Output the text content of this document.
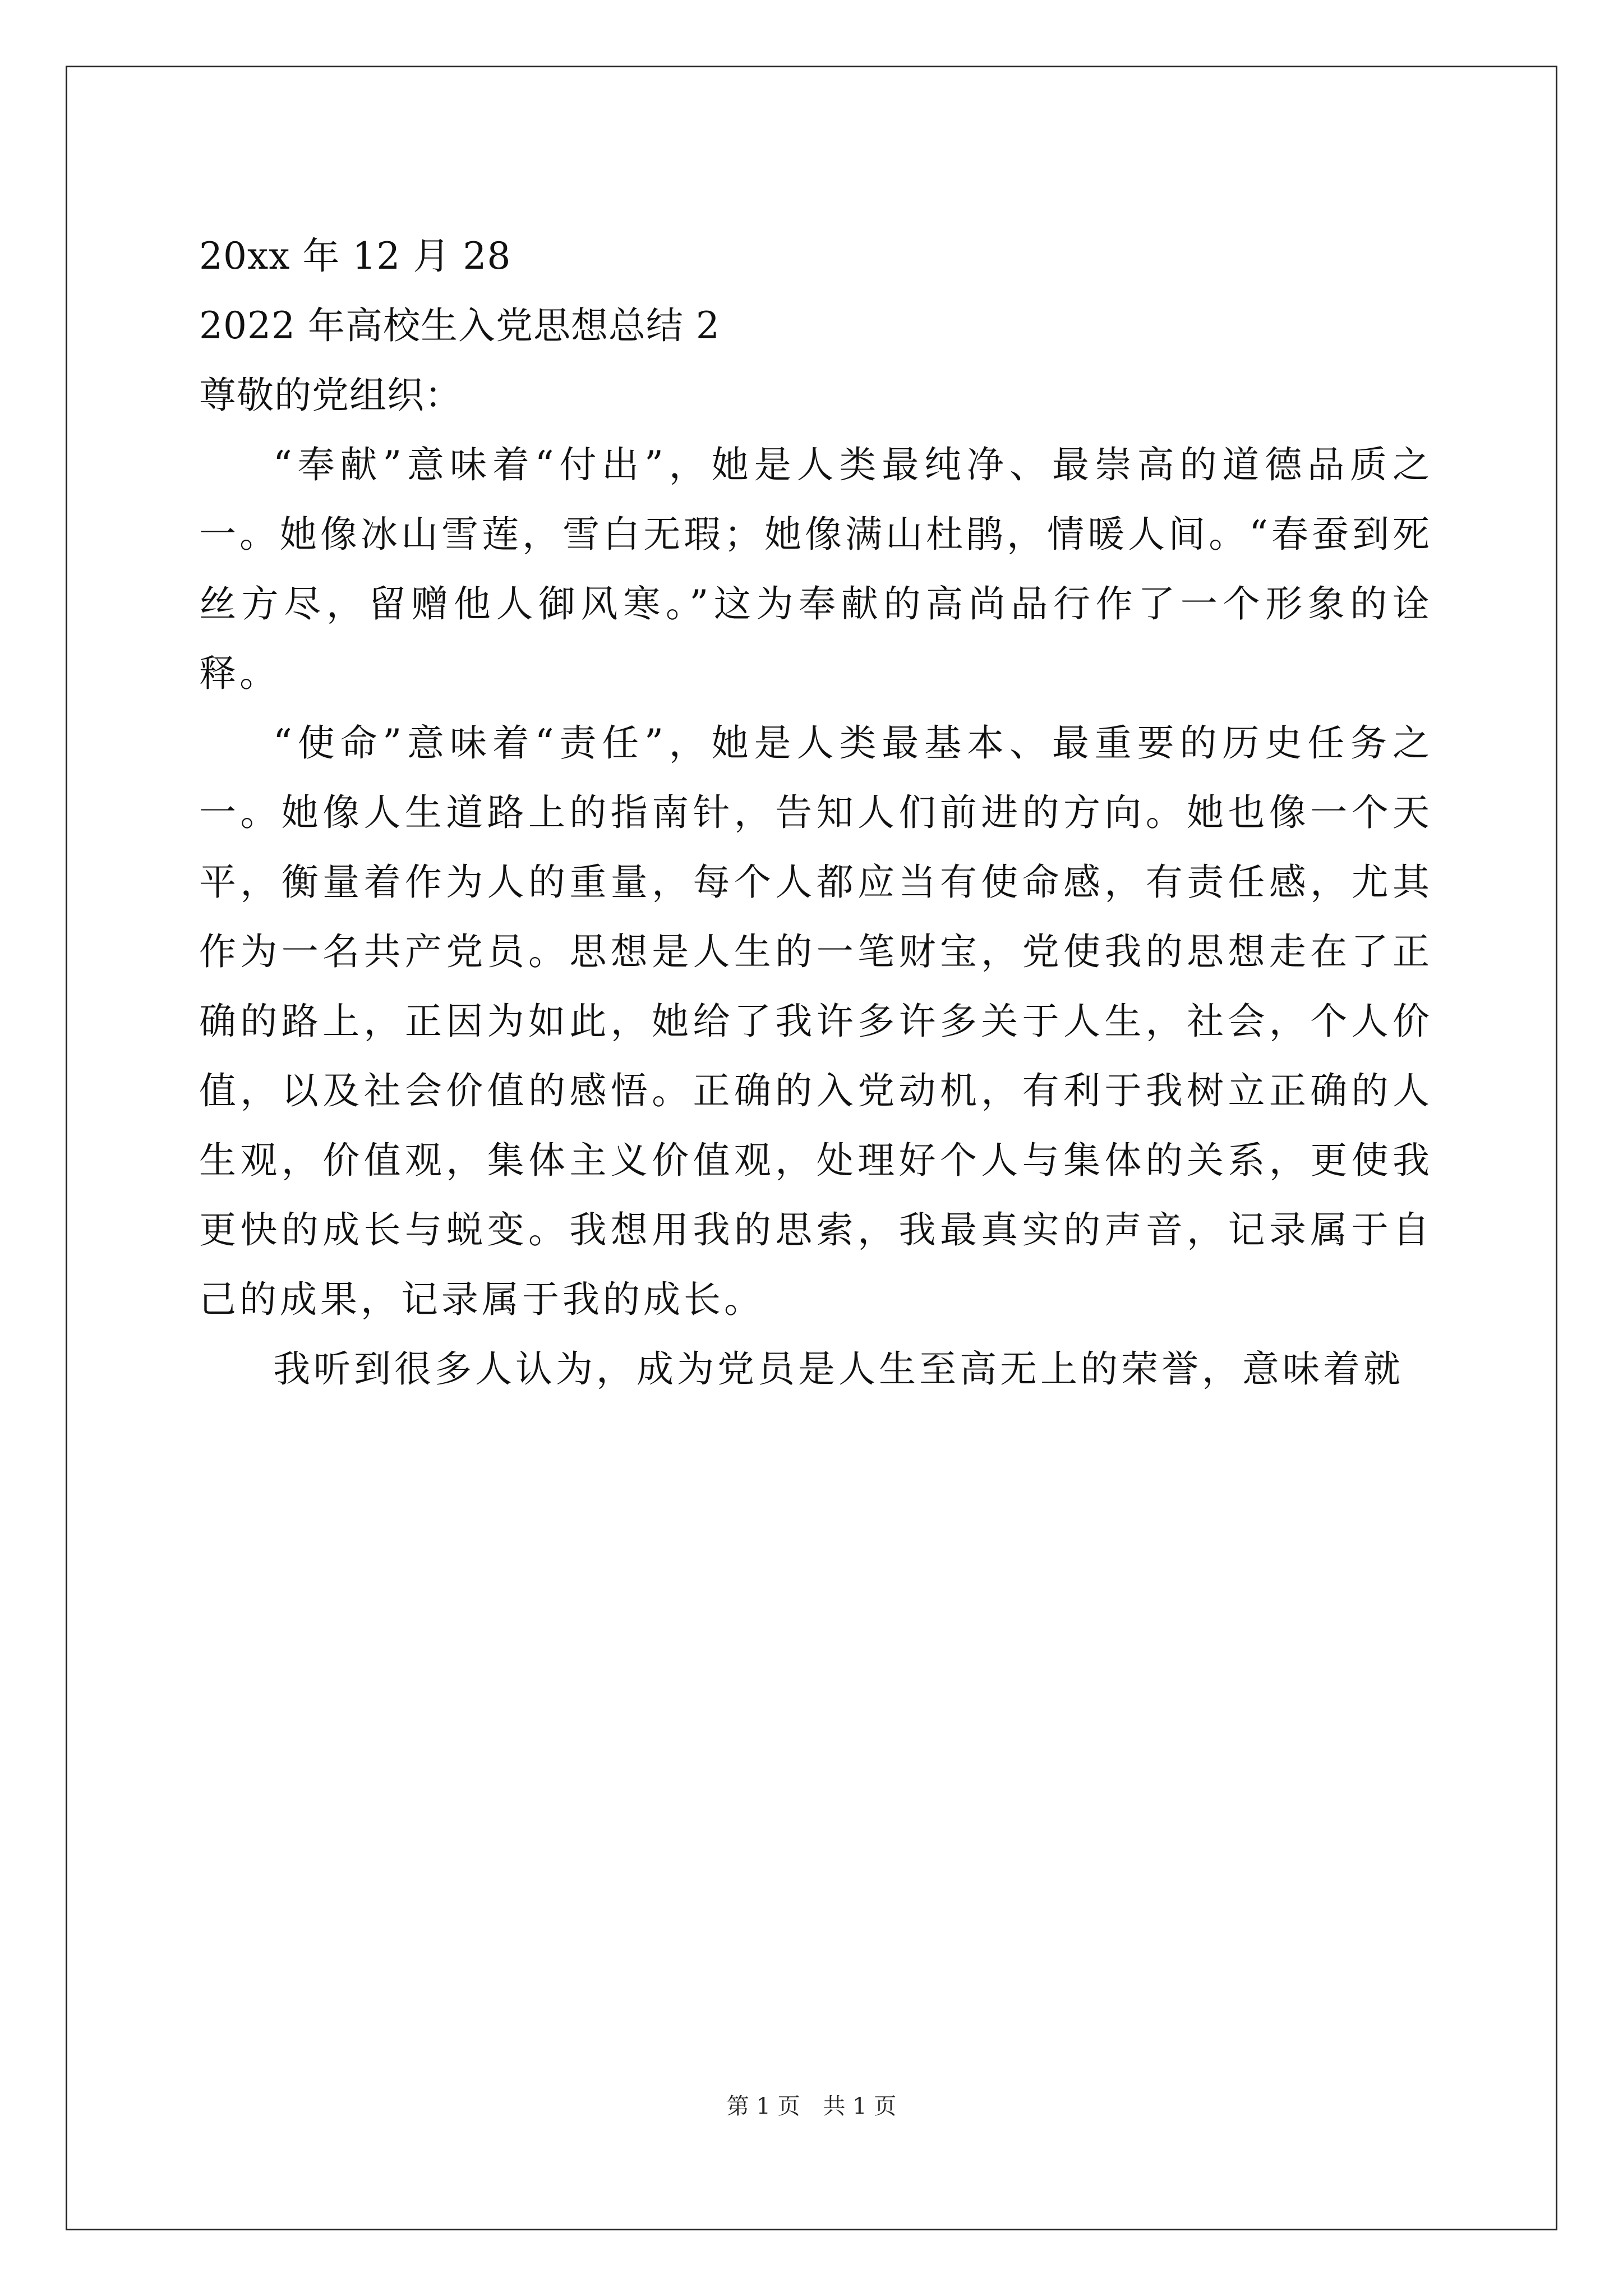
20xx 年 12 月 28
2022 年高校生入党思想总结 2
尊敬的党组织：

“奉献”意味着“付出”，她是人类最纯净、最崇高的道德品质之一。她像冰山雪莲，雪白无瑕；她像满山杜鹃，情暖人间。“春蚕到死丝方尽，留赠他人御风寒。”这为奉献的高尚品行作了一个形象的诠释。

“使命”意味着“责任”，她是人类最基本、最重要的历史任务之一。她像人生道路上的指南针，告知人们前进的方向。她也像一个天平，衡量着作为人的重量，每个人都应当有使命感，有责任感，尤其作为一名共产党员。思想是人生的一笔财宝，党使我的思想走在了正确的路上，正因为如此，她给了我许多许多关于人生，社会，个人价值，以及社会价值的感悟。正确的入党动机，有利于我树立正确的人生观，价值观，集体主义价值观，处理好个人与集体的关系，更使我更快的成长与蜕变。我想用我的思索，我最真实的声音，记录属于自己的成果，记录属于我的成长。

我听到很多人认为，成为党员是人生至高无上的荣誉，意味着就

第 1 页 共 1 页
